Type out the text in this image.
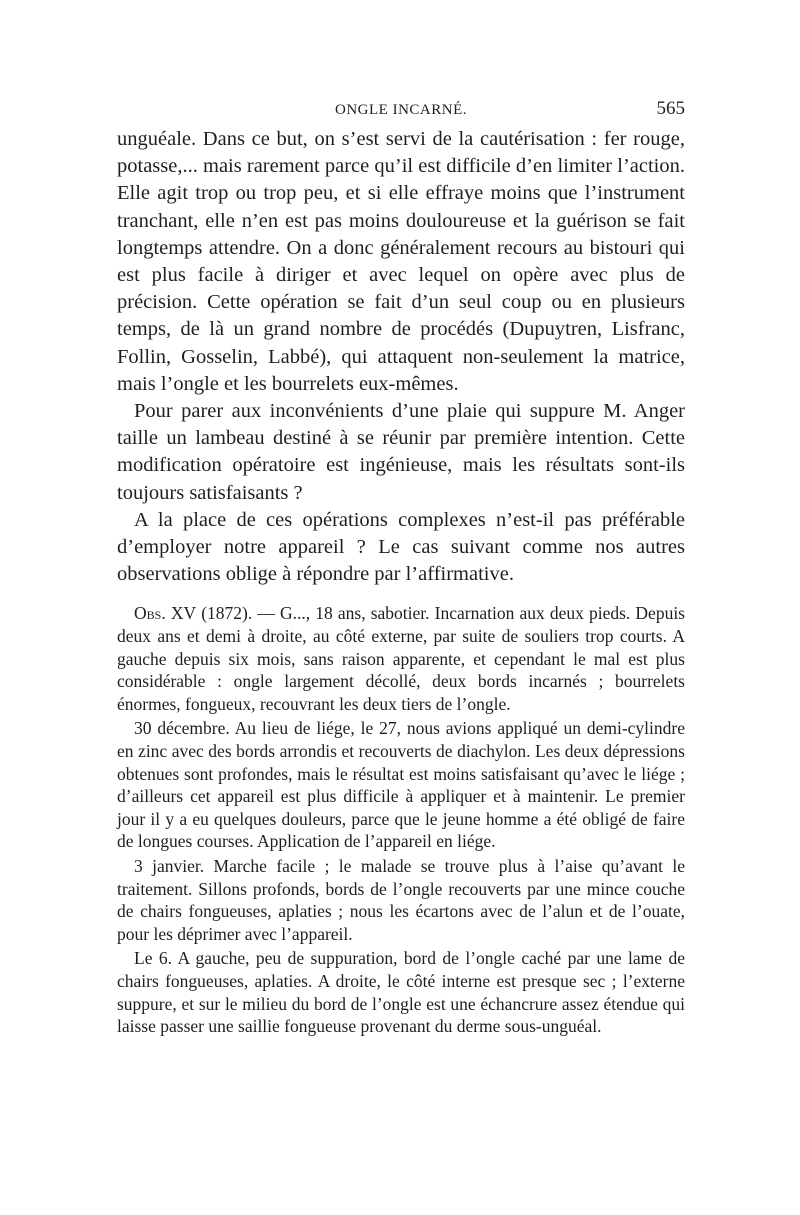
ONGLE INCARNÉ.	565

unguéale. Dans ce but, on s’est servi de la cautérisation : fer rouge, potasse,... mais rarement parce qu’il est difficile d’en limiter l’action. Elle agit trop ou trop peu, et si elle effraye moins que l’instrument tranchant, elle n’en est pas moins douloureuse et la guérison se fait longtemps attendre. On a donc généralement recours au bistouri qui est plus facile à diriger et avec lequel on opère avec plus de précision. Cette opération se fait d’un seul coup ou en plusieurs temps, de là un grand nombre de procédés (Dupuytren, Lisfranc, Follin, Gosselin, Labbé), qui attaquent non-seulement la matrice, mais l’ongle et les bourrelets eux-mêmes.

Pour parer aux inconvénients d’une plaie qui suppure M. Anger taille un lambeau destiné à se réunir par première intention. Cette modification opératoire est ingénieuse, mais les résultats sont-ils toujours satisfaisants ?

A la place de ces opérations complexes n’est-il pas préférable d’employer notre appareil ? Le cas suivant comme nos autres observations oblige à répondre par l’affirmative.

Obs. XV (1872). — G..., 18 ans, sabotier. Incarnation aux deux pieds. Depuis deux ans et demi à droite, au côté externe, par suite de souliers trop courts. A gauche depuis six mois, sans raison apparente, et cependant le mal est plus considérable : ongle largement décollé, deux bords incarnés ; bourrelets énormes, fongueux, recouvrant les deux tiers de l’ongle.

30 décembre. Au lieu de liége, le 27, nous avions appliqué un demi-cylindre en zinc avec des bords arrondis et recouverts de diachylon. Les deux dépressions obtenues sont profondes, mais le résultat est moins satisfaisant qu’avec le liége ; d’ailleurs cet appareil est plus difficile à appliquer et à maintenir. Le premier jour il y a eu quelques douleurs, parce que le jeune homme a été obligé de faire de longues courses. Application de l’appareil en liége.

3 janvier. Marche facile ; le malade se trouve plus à l’aise qu’avant le traitement. Sillons profonds, bords de l’ongle recouverts par une mince couche de chairs fongueuses, aplaties ; nous les écartons avec de l’alun et de l’ouate, pour les déprimer avec l’appareil.

Le 6. A gauche, peu de suppuration, bord de l’ongle caché par une lame de chairs fongueuses, aplaties. A droite, le côté interne est presque sec ; l’externe suppure, et sur le milieu du bord de l’ongle est une échancrure assez étendue qui laisse passer une saillie fongueuse provenant du derme sous-unguéal.
